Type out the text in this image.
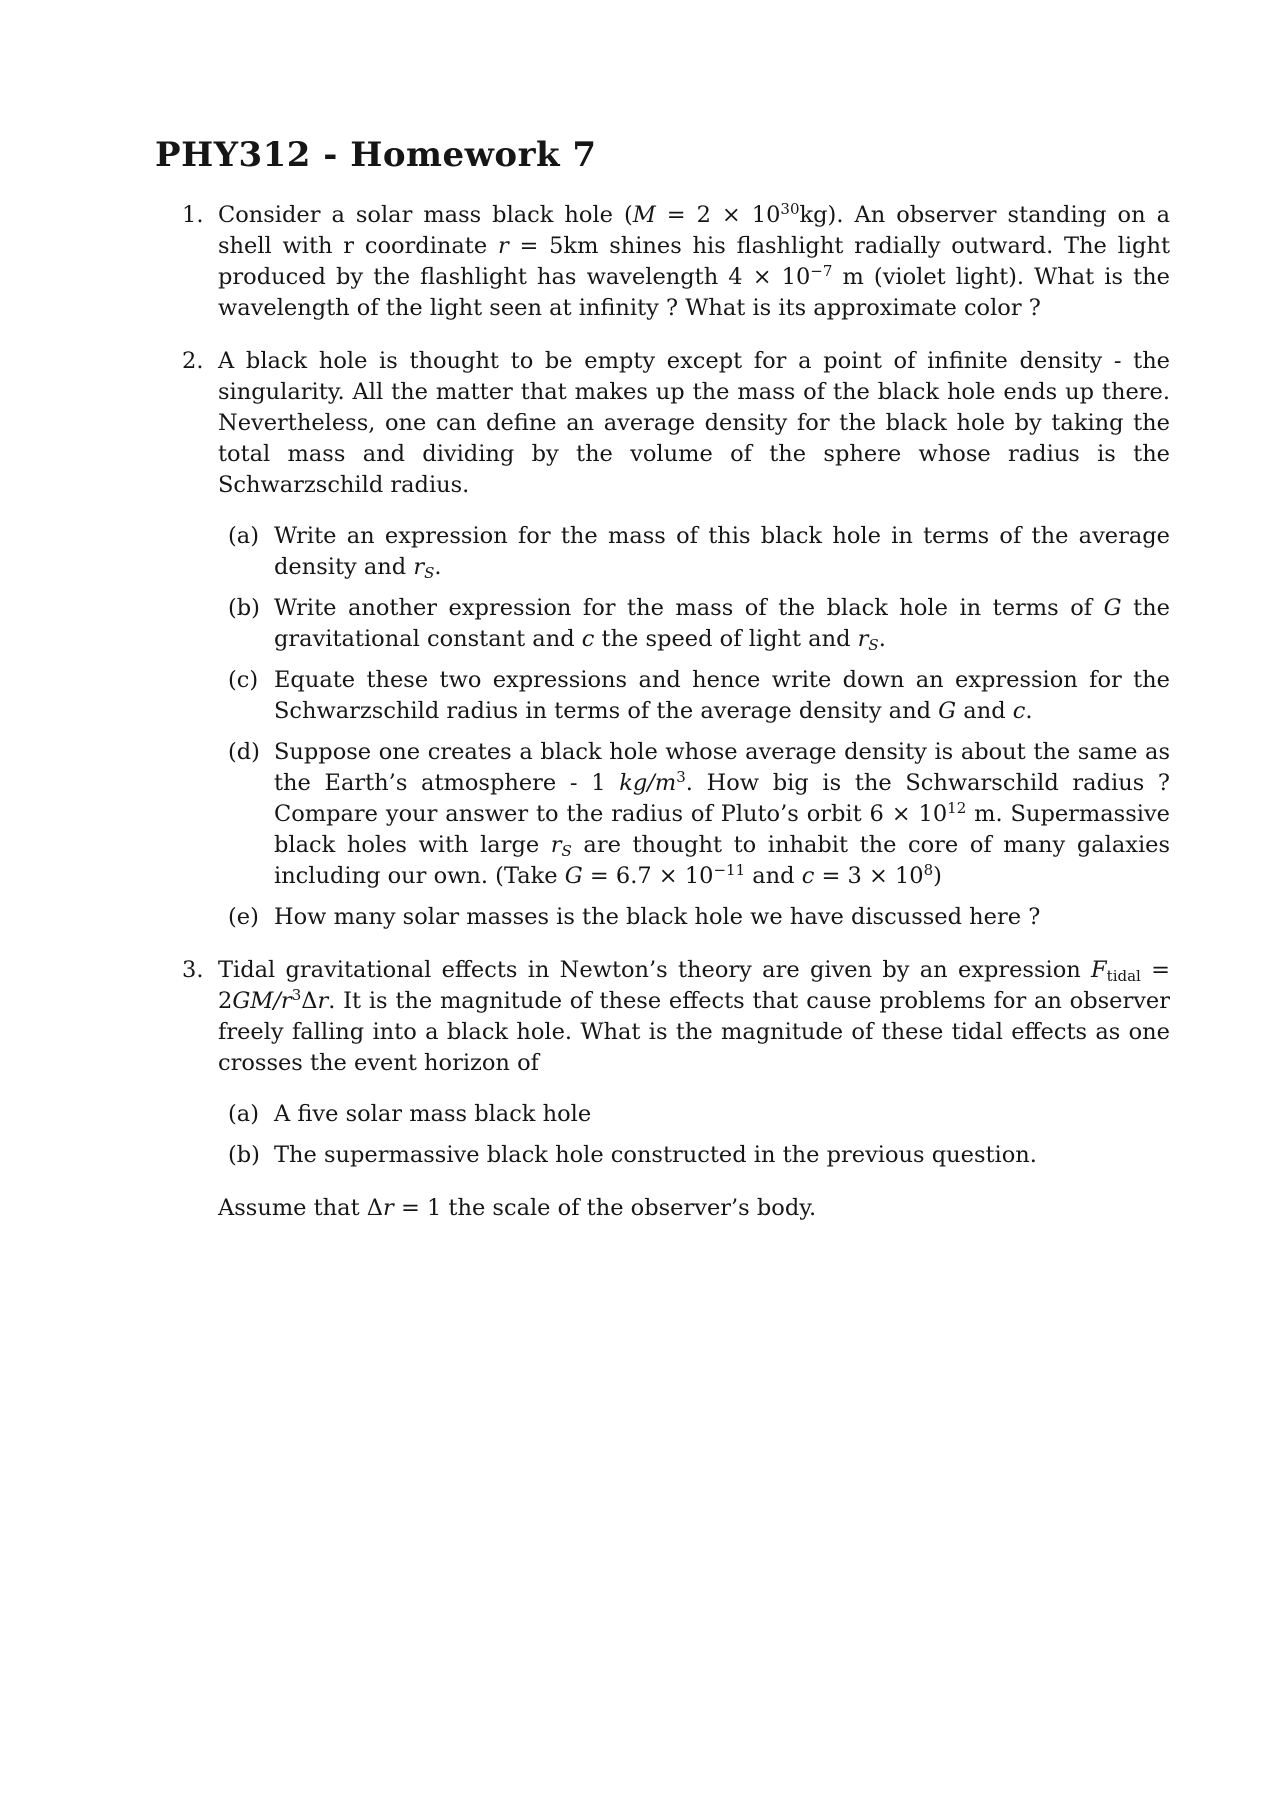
PHY312 - Homework 7
1. Consider a solar mass black hole $(M = 2 \times 10^{30}kg)$. An observer standing on a shell with r coordinate r = 5km shines his flashlight radially outward. The light produced by the flashlight has wavelength $4 \times 10^{-7}$ m (violet light). What is the wavelength of the light seen at infinity ? What is its approximate color ?
2. A black hole is thought to be empty except for a point of infinite density - the singularity. All the matter that makes up the mass of the black hole ends up there. Nevertheless, one can define an average density for the black hole by taking the total mass and dividing by the volume of the sphere whose radius is the Schwarzschild radius.
(a) Write an expression for the mass of this black hole in terms of the average density and $r_S$.
(b) Write another expression for the mass of the black hole in terms of G the gravitational constant and c the speed of light and $r_S$.
(c) Equate these two expressions and hence write down an expression for the Schwarzschild radius in terms of the average density and G and c.
(d) Suppose one creates a black hole whose average density is about the same as the Earth’s atmosphere - 1 $kg/m^3$. How big is the Schwarschild radius ? Compare your answer to the radius of Pluto’s orbit $6 \times 10^{12}$ m. Supermassive black holes with large $r_S$ are thought to inhabit the core of many galaxies including our own. (Take $G = 6.7 \times 10^{-11}$ and $c = 3 \times 10^8$)
(e) How many solar masses is the black hole we have discussed here ?
3. Tidal gravitational effects in Newton’s theory are given by an expression $F_{tidal} = 2GM/r^3\Delta r$. It is the magnitude of these effects that cause problems for an observer freely falling into a black hole. What is the magnitude of these tidal effects as one crosses the event horizon of
(a) A five solar mass black hole
(b) The supermassive black hole constructed in the previous question.
Assume that Δr = 1 the scale of the observer’s body.
